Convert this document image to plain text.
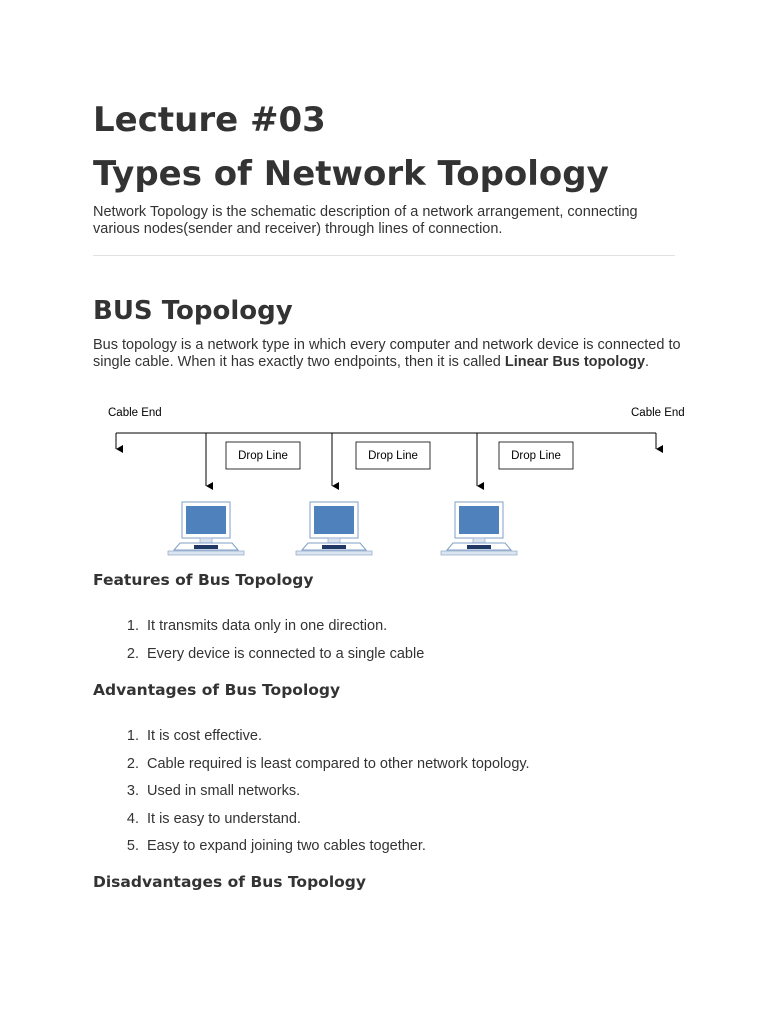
Lecture #03
Types of Network Topology

Network Topology is the schematic description of a network arrangement, connecting various nodes(sender and receiver) through lines of connection.

BUS Topology

Bus topology is a network type in which every computer and network device is connected to single cable. When it has exactly two endpoints, then it is called Linear Bus topology.

Cable End	Cable End
Drop Line	Drop Line	Drop Line
Features of Bus Topology
1 . It transmits data only in one direction.
2 . Every device is connected to a single cable
Advantages of Bus Topology
1 . It is cost effective.
2 . Cable required is least compared to other network topology.
3 . Used in small networks.
4 . It is easy to understand.
5 . Easy to expand joining two cables together.
Disadvantages of Bus Topology
